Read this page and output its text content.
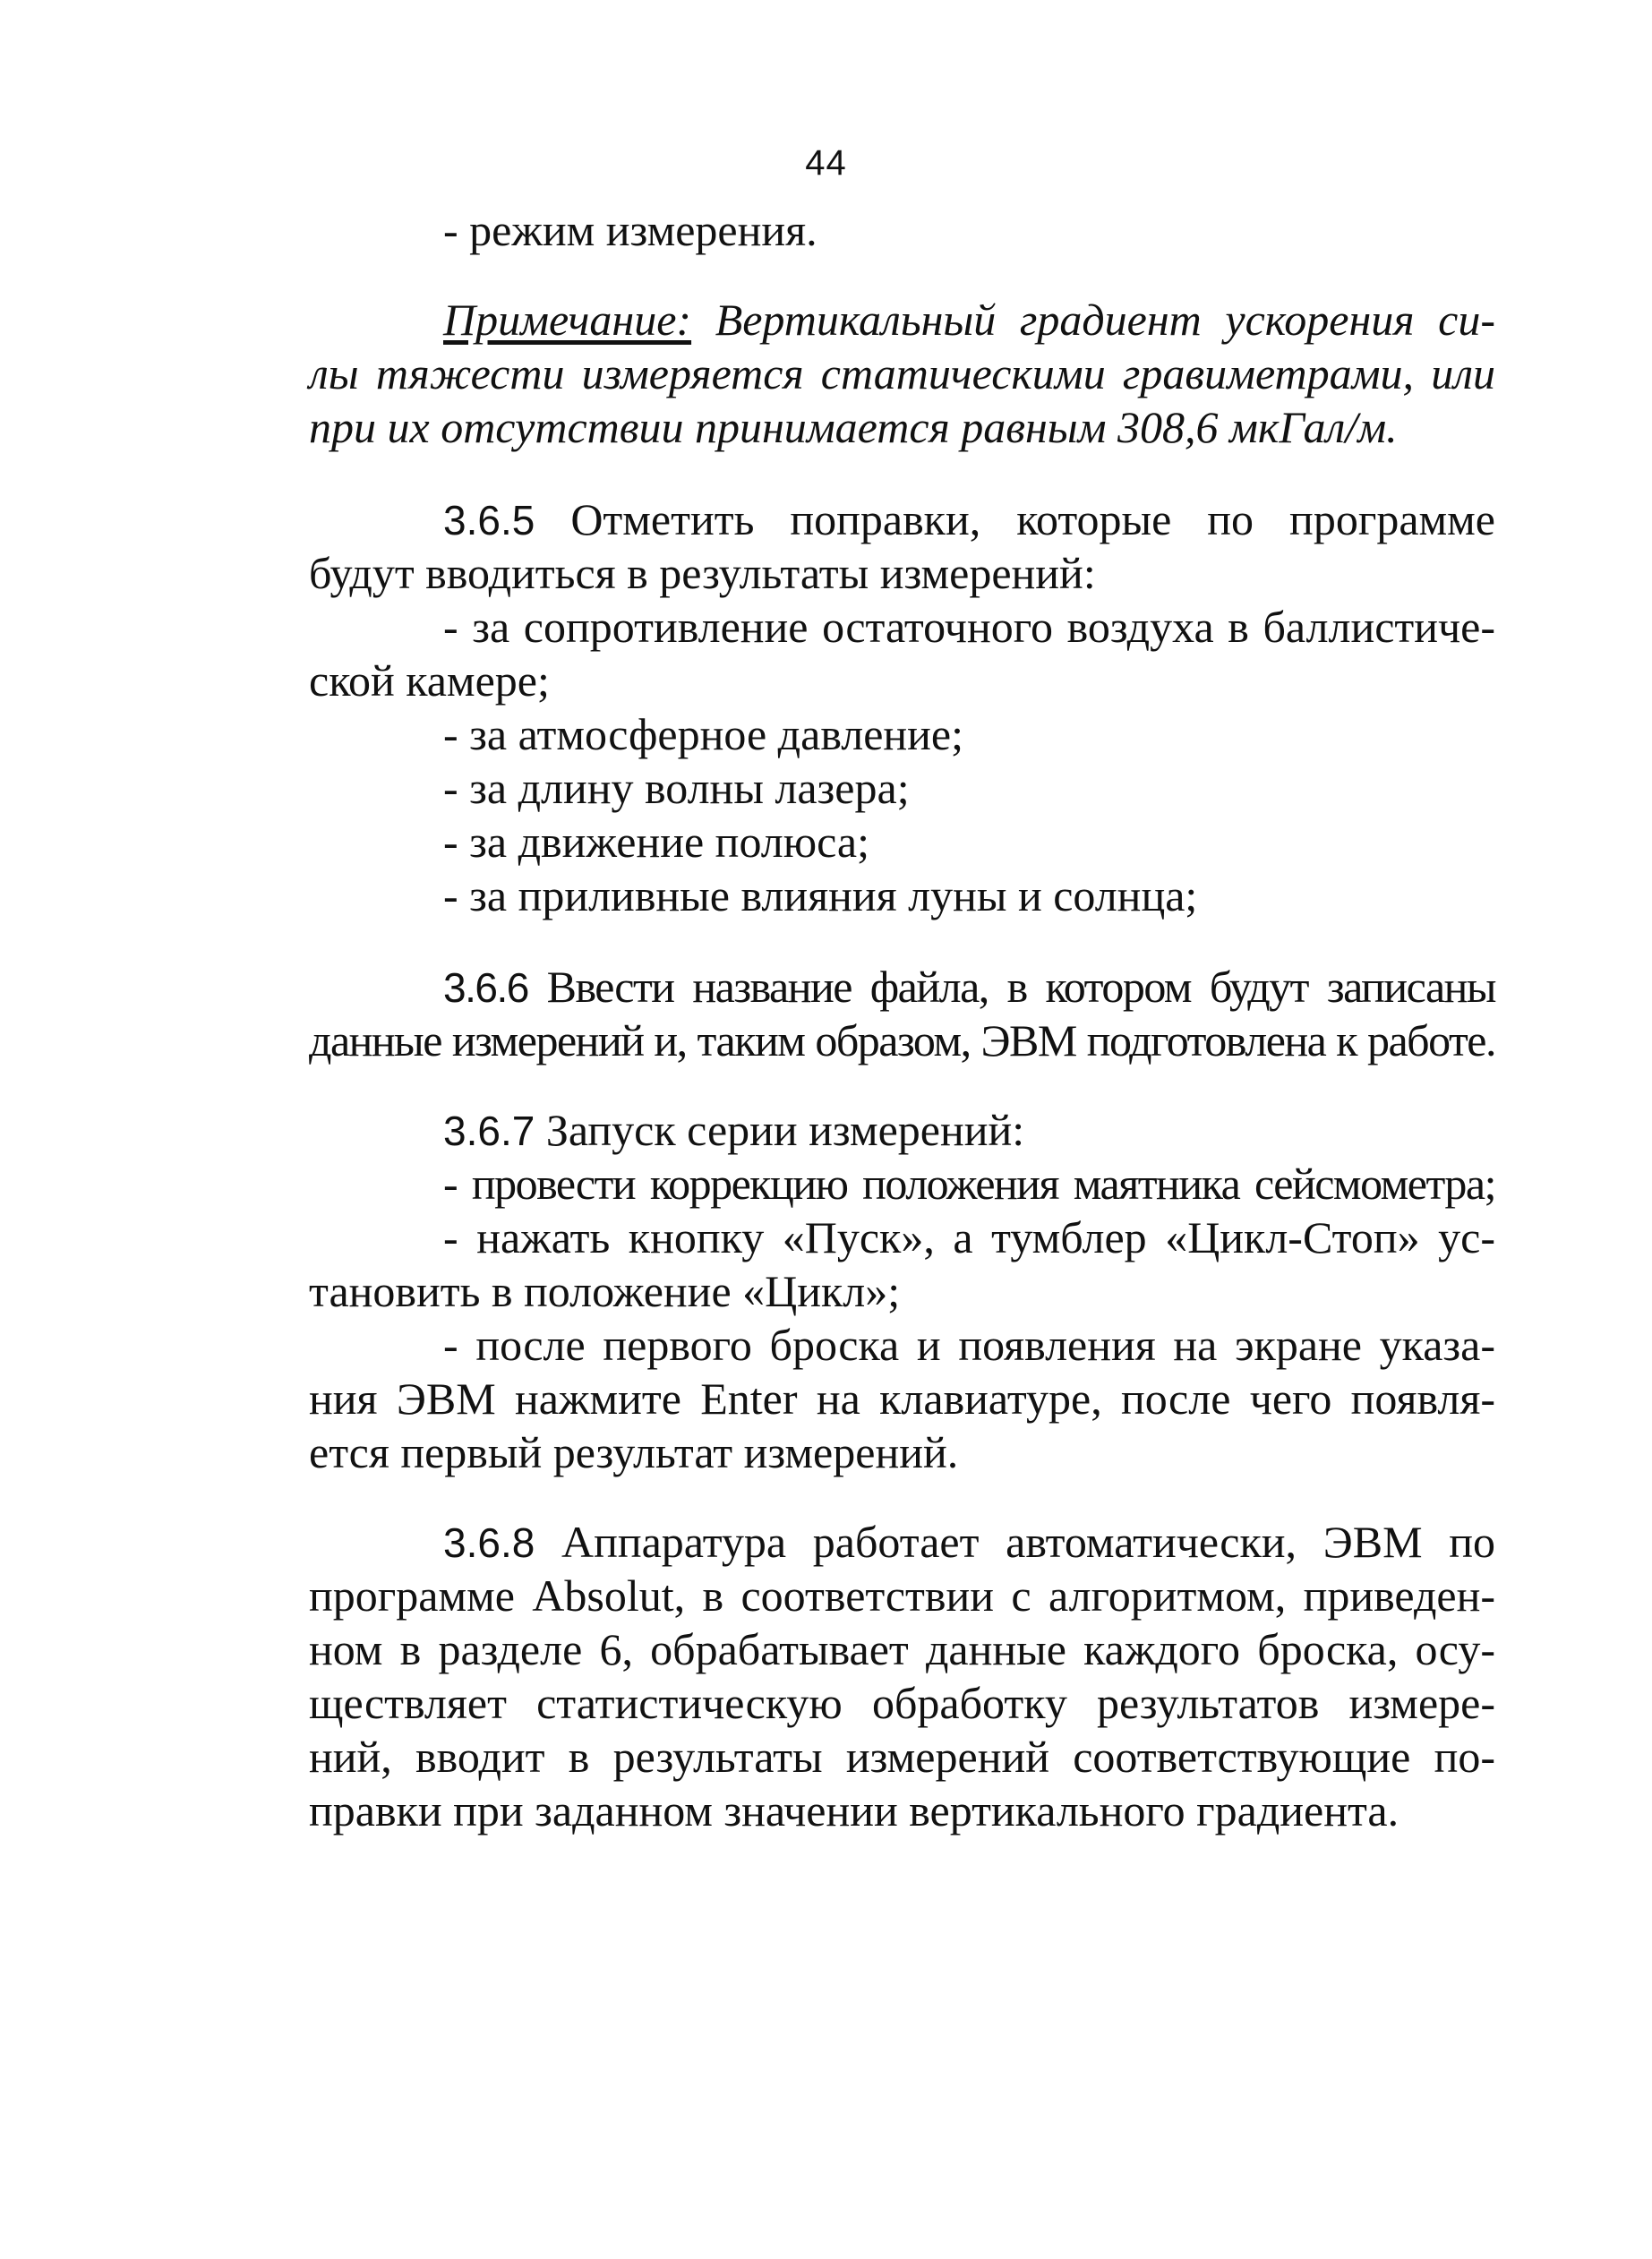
44
- режим измерения.
Примечание: Вертикальный градиент ускорения си-
лы тяжести измеряется статическими гравиметрами, или
при их отсутствии принимается равным 308,6 мкГал/м.
3.6.5 Отметить поправки, которые по программе
будут вводиться в результаты измерений:
- за сопротивление остаточного воздуха в баллистиче-
ской камере;
- за атмосферное давление;
- за длину волны лазера;
- за движение полюса;
- за приливные влияния луны и солнца;
3.6.6 Ввести название файла, в котором будут записаны
данные измерений и, таким образом, ЭВМ подготовлена к работе.
3.6.7 Запуск серии измерений:
- провести коррекцию положения маятника сейсмометра;
- нажать кнопку «Пуск», а тумблер «Цикл-Стоп» ус-
тановить в положение «Цикл»;
- после первого броска и появления на экране указа-
ния ЭВМ нажмите Enter на клавиатуре, после чего появля-
ется первый результат измерений.
3.6.8 Аппаратура работает автоматически, ЭВМ по
программе Absolut, в соответствии с алгоритмом, приведен-
ном в разделе 6, обрабатывает данные каждого броска, осу-
ществляет статистическую обработку результатов измере-
ний, вводит в результаты измерений соответствующие по-
правки при заданном значении вертикального градиента.
